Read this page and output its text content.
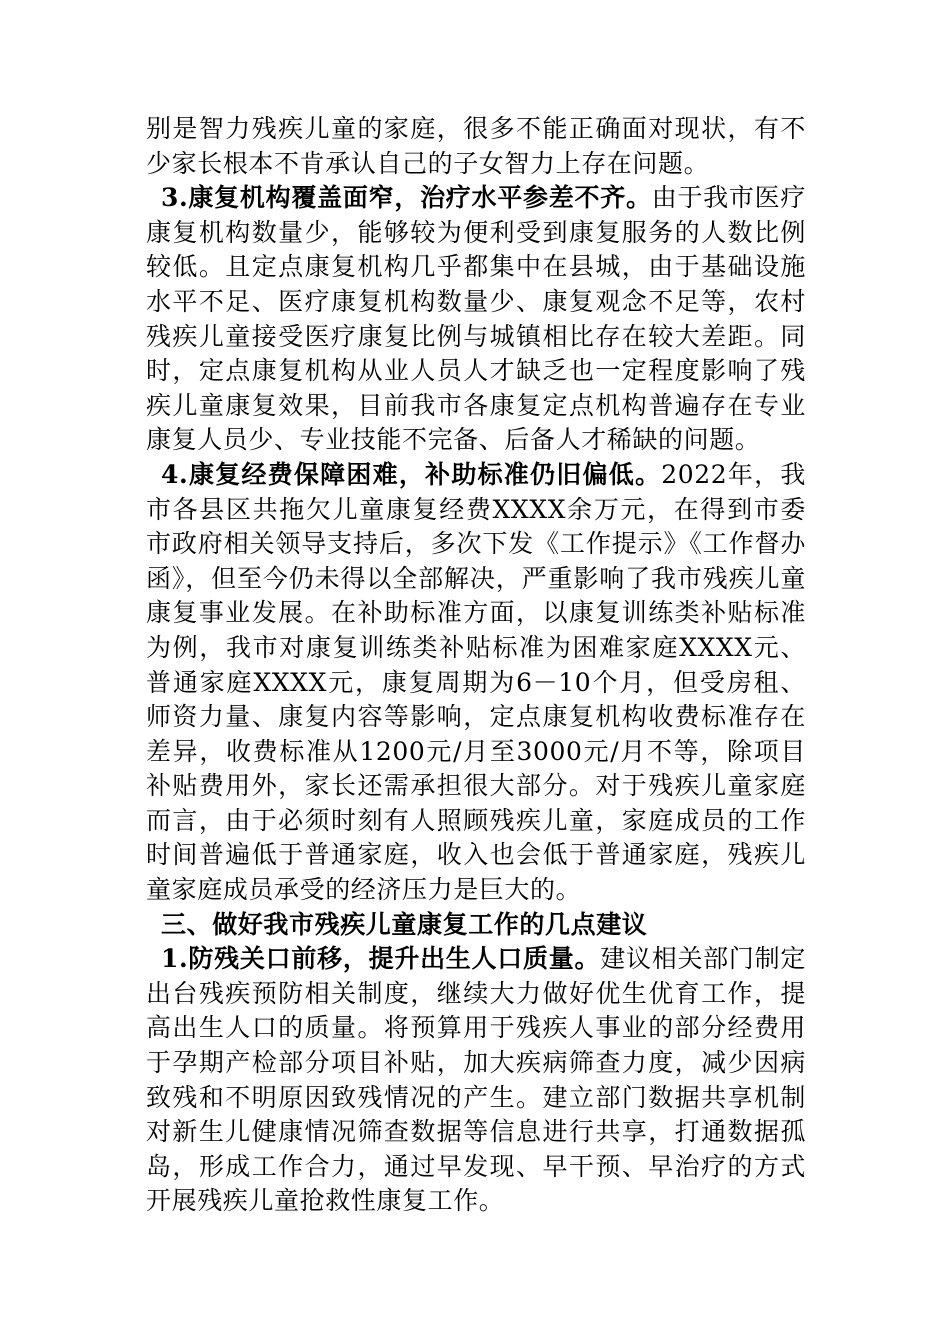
别是智力残疾儿童的家庭，很多不能正确面对现状，有不少家长根本不肯承认自己的子女智力上存在问题。

3.康复机构覆盖面窄，治疗水平参差不齐。由于我市医疗康复机构数量少，能够较为便利受到康复服务的人数比例较低。且定点康复机构几乎都集中在县城，由于基础设施水平不足、医疗康复机构数量少、康复观念不足等，农村残疾儿童接受医疗康复比例与城镇相比存在较大差距。同时，定点康复机构从业人员人才缺乏也一定程度影响了残疾儿童康复效果，目前我市各康复定点机构普遍存在专业康复人员少、专业技能不完备、后备人才稀缺的问题。

4.康复经费保障困难，补助标准仍旧偏低。2022年，我市各县区共拖欠儿童康复经费XXXX余万元，在得到市委市政府相关领导支持后，多次下发《工作提示》《工作督办函》，但至今仍未得以全部解决，严重影响了我市残疾儿童康复事业发展。在补助标准方面，以康复训练类补贴标准为例，我市对康复训练类补贴标准为困难家庭XXXX元、普通家庭XXXX元，康复周期为6－10个月，但受房租、师资力量、康复内容等影响，定点康复机构收费标准存在差异，收费标准从1200元/月至3000元/月不等，除项目补贴费用外，家长还需承担很大部分。对于残疾儿童家庭而言，由于必须时刻有人照顾残疾儿童，家庭成员的工作时间普遍低于普通家庭，收入也会低于普通家庭，残疾儿童家庭成员承受的经济压力是巨大的。

三、做好我市残疾儿童康复工作的几点建议

1.防残关口前移，提升出生人口质量。建议相关部门制定出台残疾预防相关制度，继续大力做好优生优育工作，提高出生人口的质量。将预算用于残疾人事业的部分经费用于孕期产检部分项目补贴，加大疾病筛查力度，减少因病致残和不明原因致残情况的产生。建立部门数据共享机制对新生儿健康情况筛查数据等信息进行共享，打通数据孤岛，形成工作合力，通过早发现、早干预、早治疗的方式开展残疾儿童抢救性康复工作。
